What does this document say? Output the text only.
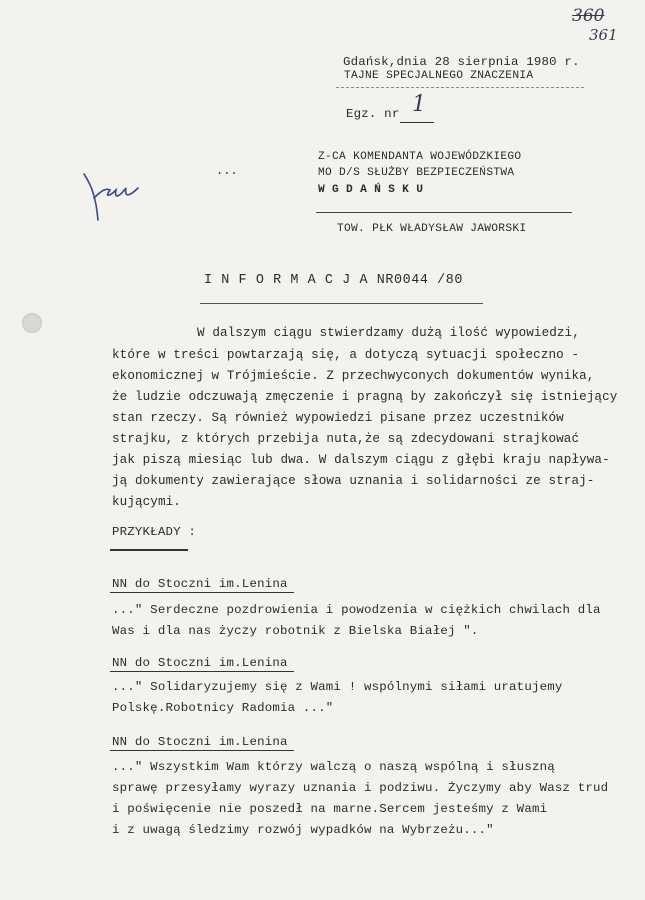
360
361
Gdańsk,dnia 28 sierpnia 1980 r.
TAJNE SPECJALNEGO ZNACZENIA
Egz. nr 1
Z-CA KOMENDANTA WOJEWÓDZKIEGO
MO D/S SŁUŻBY BEZPIECZEŃSTWA
W G D A Ń S K U
TOW. PŁK WŁADYSŁAW JAWORSKI
...
I N F O R M A C J A NR0044 /80
W dalszym ciągu stwierdzamy dużą ilość wypowiedzi,
które w treści powtarzają się, a dotyczą sytuacji społeczno -
ekonomicznej w Trójmieście. Z przechwyconych dokumentów wynika,
że ludzie odczuwają zmęczenie i pragną by zakończył się istniejący
stan rzeczy. Są również wypowiedzi pisane przez uczestników
strajku, z których przebija nuta,że są zdecydowani strajkować
jak piszą miesiąc lub dwa. W dalszym ciągu z głębi kraju napływa-
ją dokumenty zawierające słowa uznania i solidarności ze straj-
kującymi.
PRZYKŁADY :
NN do Stoczni im.Lenina
..." Serdeczne pozdrowienia i powodzenia w ciężkich chwilach dla
Was i dla nas życzy robotnik z Bielska Białej ".
NN do Stoczni im.Lenina
..." Solidaryzujemy się z Wami ! wspólnymi siłami uratujemy
Polskę.Robotnicy Radomia ..."
NN do Stoczni im.Lenina
..." Wszystkim Wam którzy walczą o naszą wspólną i słuszną
sprawę przesyłamy wyrazy uznania i podziwu. Życzymy aby Wasz trud
i poświęcenie nie poszedł na marne.Sercem jesteśmy z Wami
i z uwagą śledzimy rozwój wypadków na Wybrzeżu..."
